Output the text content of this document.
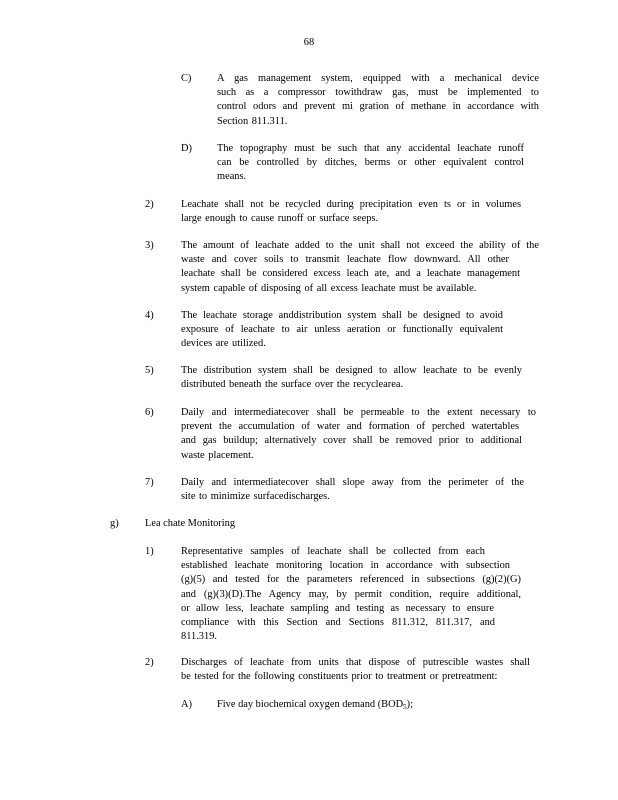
68
C) A gas management system, equipped with a mechanical device
such as a compressor towithdraw gas, must be implemented to
control odors and prevent mi gration of methane in accordance with
Section 811.311.
D) The topography must be such that any accidental leachate runoff
can be controlled by ditches, berms or other equivalent control
means.
2)	Leachate shall not be recycled during precipitation even ts or in volumes
large enough to cause runoff or surface seeps.
3)	The amount of leachate added to the unit shall not exceed the ability of the
waste and cover soils to transmit leachate flow downward. All other
leachate shall be considered excess leach ate, and a leachate management
system capable of disposing of all excess leachate must be available.
4)	The leachate storage anddistribution system shall be designed to avoid
exposure of leachate to air unless aeration or functionally equivalent
devices are utilized.
5)	The distribution system shall be designed to allow leachate to be evenly
distributed beneath the surface over the recyclearea.
6)	Daily and intermediatecover shall be permeable to the extent necessary to
prevent the accumulation of water and formation of perched watertables
and gas buildup; alternatively cover shall be removed prior to additional
waste placement.
7)	Daily and intermediatecover shall slope away from the perimeter of the
site to minimize surfacedischarges.
g)	Lea chate Monitoring
1)	Representative samples of leachate shall be collected from each
established leachate monitoring location in accordance with subsection
(g)(5) and tested for the parameters referenced in subsections (g)(2)(G)
and (g)(3)(D).The Agency may, by permit condition, require additional,
or allow less, leachate sampling and testing as necessary to ensure
compliance with this Section and Sections 811.312, 811.317, and
811.319.
2)	Discharges of leachate from units that dispose of putrescible wastes shall
be tested for the following constituents prior to treatment or pretreatment:
A) Five day biochemical oxygen demand $(BOD_5)$;
